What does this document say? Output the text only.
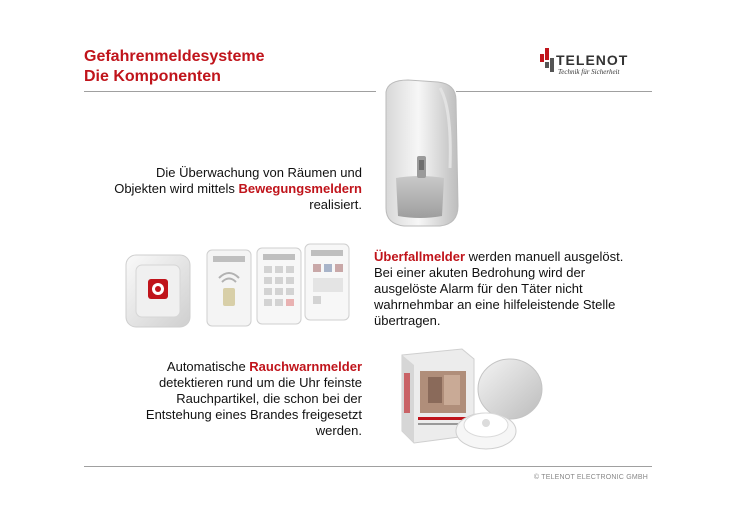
Gefahrenmeldesysteme
Die Komponenten
TELENOT
Technik für Sicherheit
Die Überwachung von Räumen und
Objekten wird mittels Bewegungsmeldern
realisiert.
Überfallmelder werden manuell ausgelöst.
Bei einer akuten Bedrohung wird der
ausgelöste Alarm für den Täter nicht
wahrnehmbar an eine hilfeleistende Stelle
übertragen.
Automatische Rauchwarnmelder
detektieren rund um die Uhr feinste
Rauchpartikel, die schon bei der
Entstehung eines Brandes freigesetzt
werden.
© TELENOT ELECTRONIC GMBH
